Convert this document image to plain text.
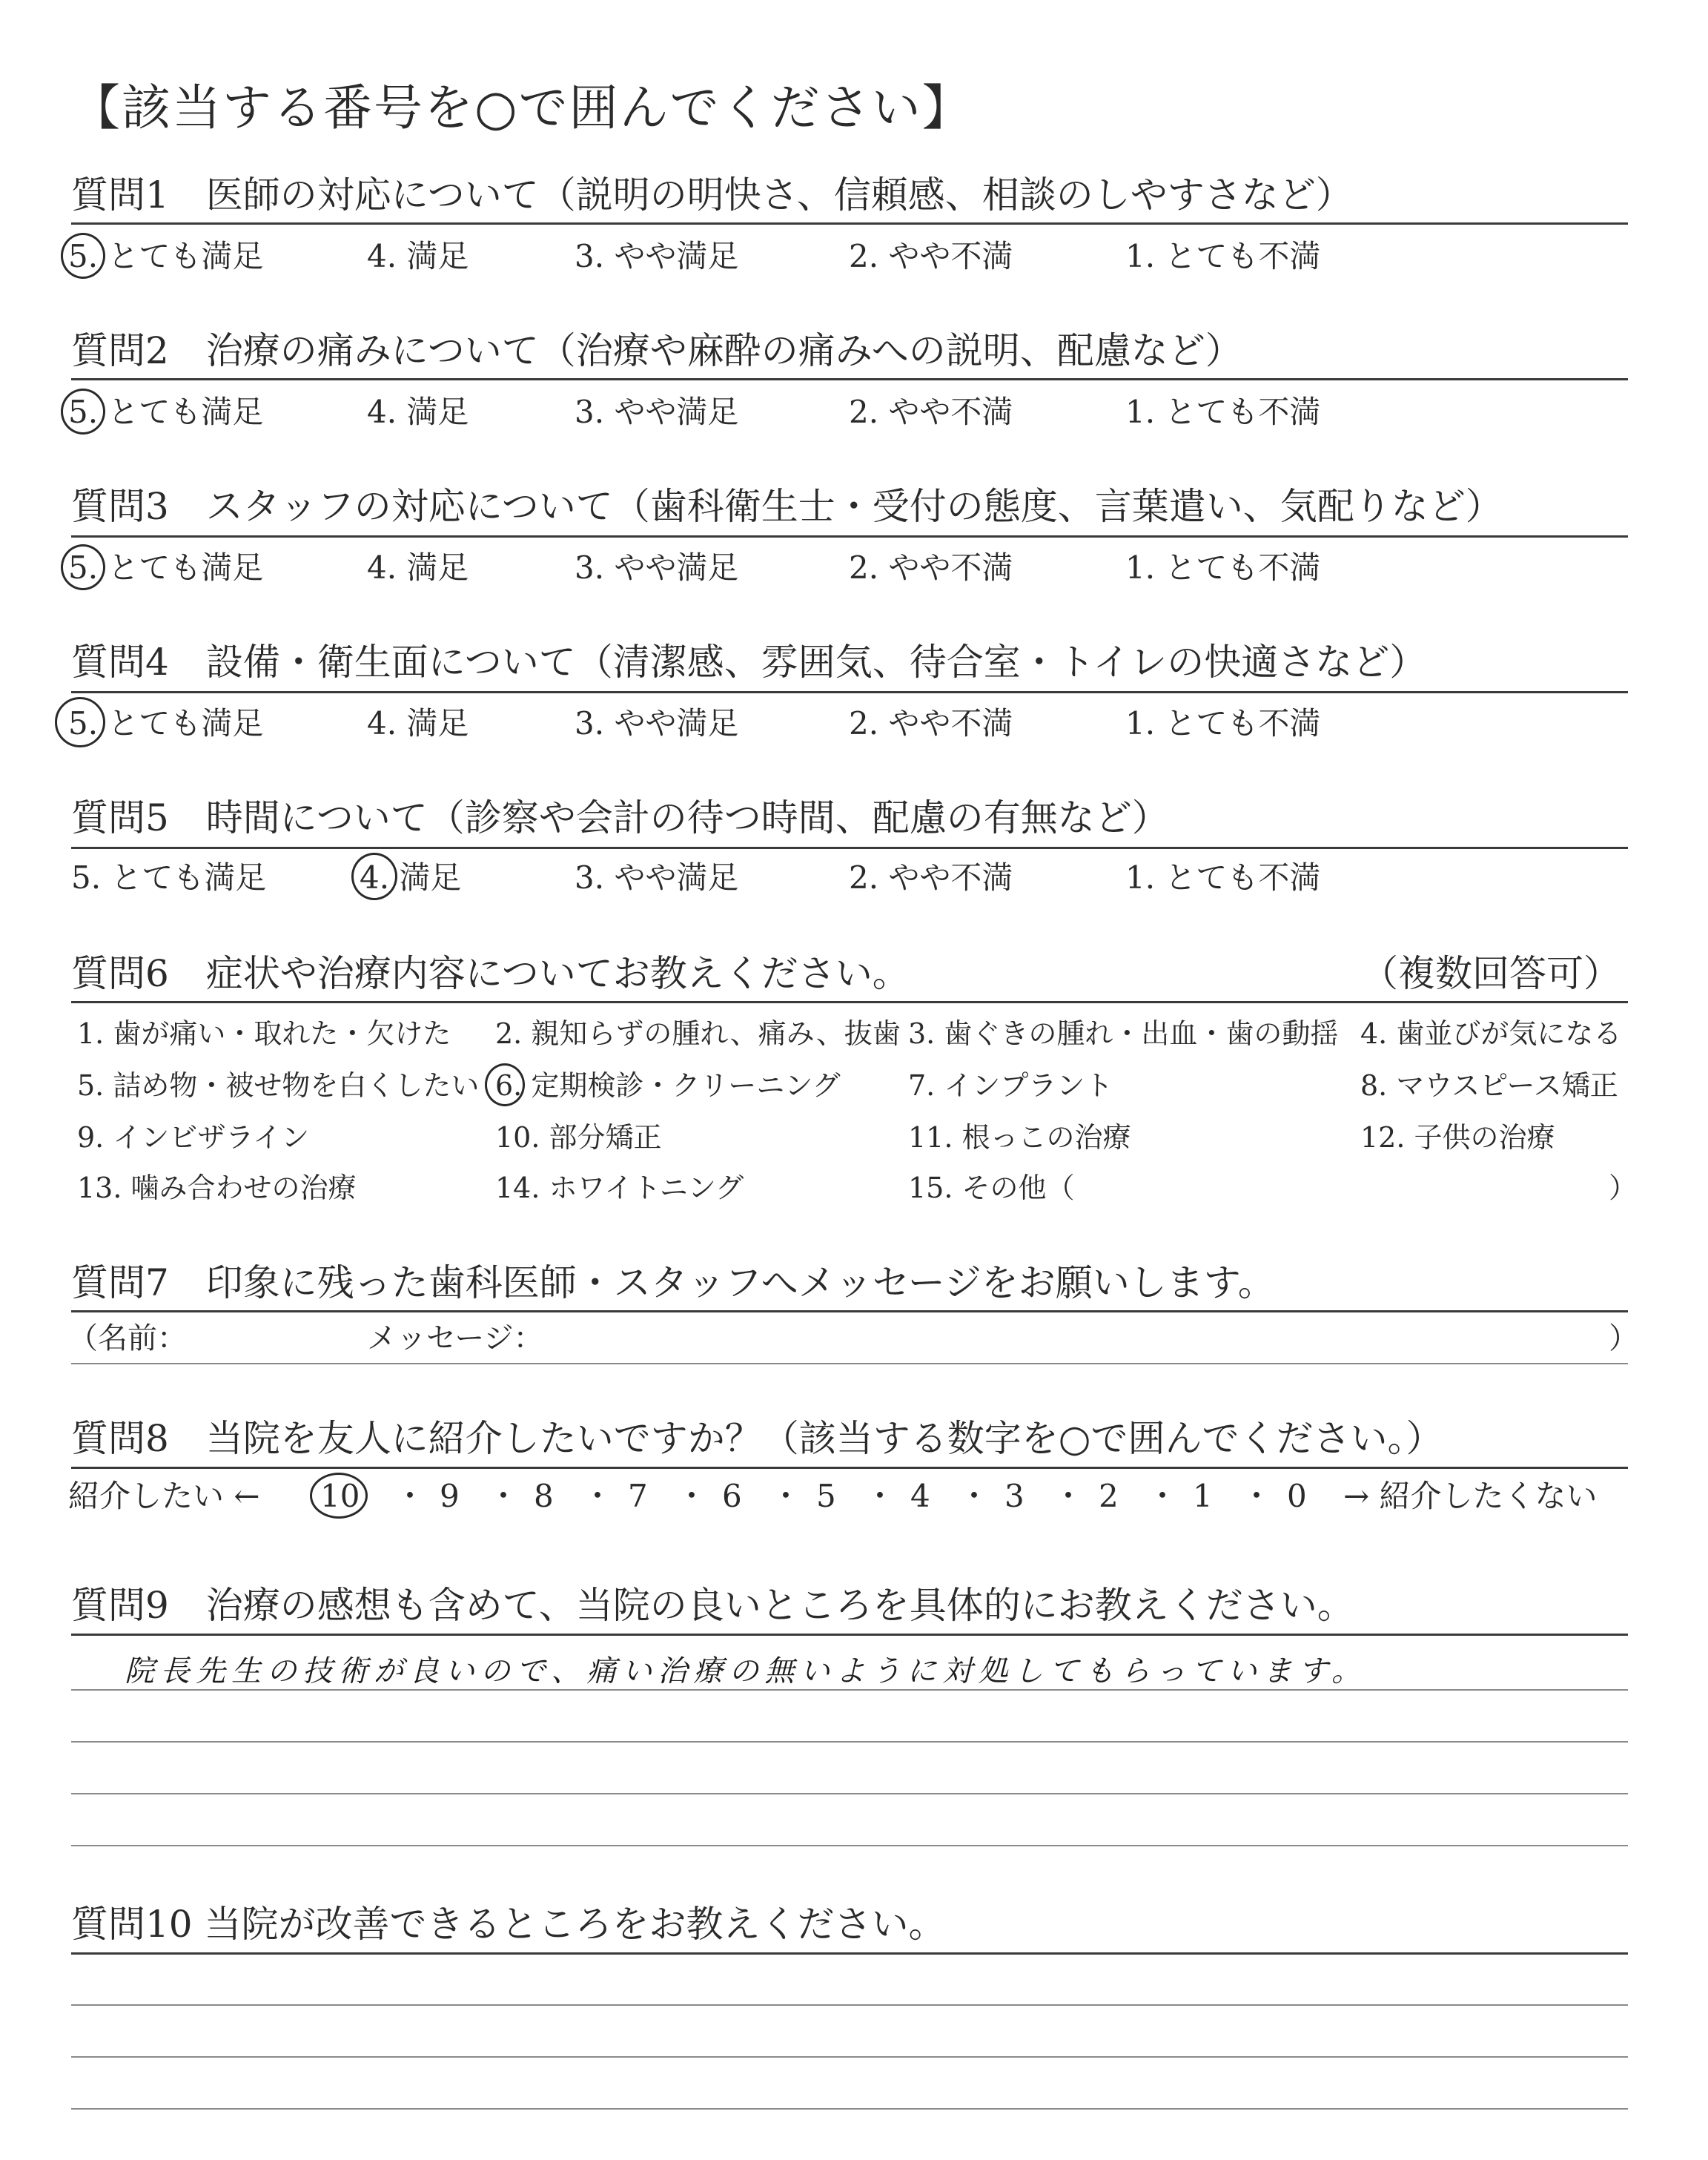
【該当する番号を○で囲んでください】
質問1　医師の対応について（説明の明快さ、信頼感、相談のしやすさなど）
5. とても満足	4. 満足	3. やや満足	2. やや不満	1. とても不満
質問2　治療の痛みについて（治療や麻酔の痛みへの説明、配慮など）
5. とても満足	4. 満足	3. やや満足	2. やや不満	1. とても不満
質問3　スタッフの対応について（歯科衛生士・受付の態度、言葉遣い、気配りなど）
5. とても満足	4. 満足	3. やや満足	2. やや不満	1. とても不満
質問4　設備・衛生面について（清潔感、雰囲気、待合室・トイレの快適さなど）
5. とても満足	4. 満足	3. やや満足	2. やや不満	1. とても不満
質問5　時間について（診察や会計の待つ時間、配慮の有無など）
5. とても満足	4. 満足	3. やや満足	2. やや不満	1. とても不満
質問6　症状や治療内容についてお教えください。	（複数回答可）
1. 歯が痛い・取れた・欠けた 2. 親知らずの腫れ、痛み、抜歯 3. 歯ぐきの腫れ・出血・歯の動揺 4. 歯並びが気になる
5. 詰め物・被せ物を白くしたい 6. 定期検診・クリーニング 7. インプラント	8. マウスピース矯正
9. インビザライン	10. 部分矯正	11. 根っこの治療	12. 子供の治療
13. 噛み合わせの治療	14. ホワイトニング	15. その他（	）
質問7　印象に残った歯科医師・スタッフへメッセージをお願いします。
（名前：	メッセージ：	）
質問8　当院を友人に紹介したいですか？（該当する数字を○で囲んでください。）
紹介したい ← 10 ・ 9 ・ 8 ・ 7 ・ 6 ・ 5 ・ 4 ・ 3 ・ 2 ・ 1 ・ 0 → 紹介したくない
質問9　治療の感想も含めて、当院の良いところを具体的にお教えください。
院長先生の技術が良いので、痛い治療の無いように対処してもらっています。
質問10 当院が改善できるところをお教えください。
